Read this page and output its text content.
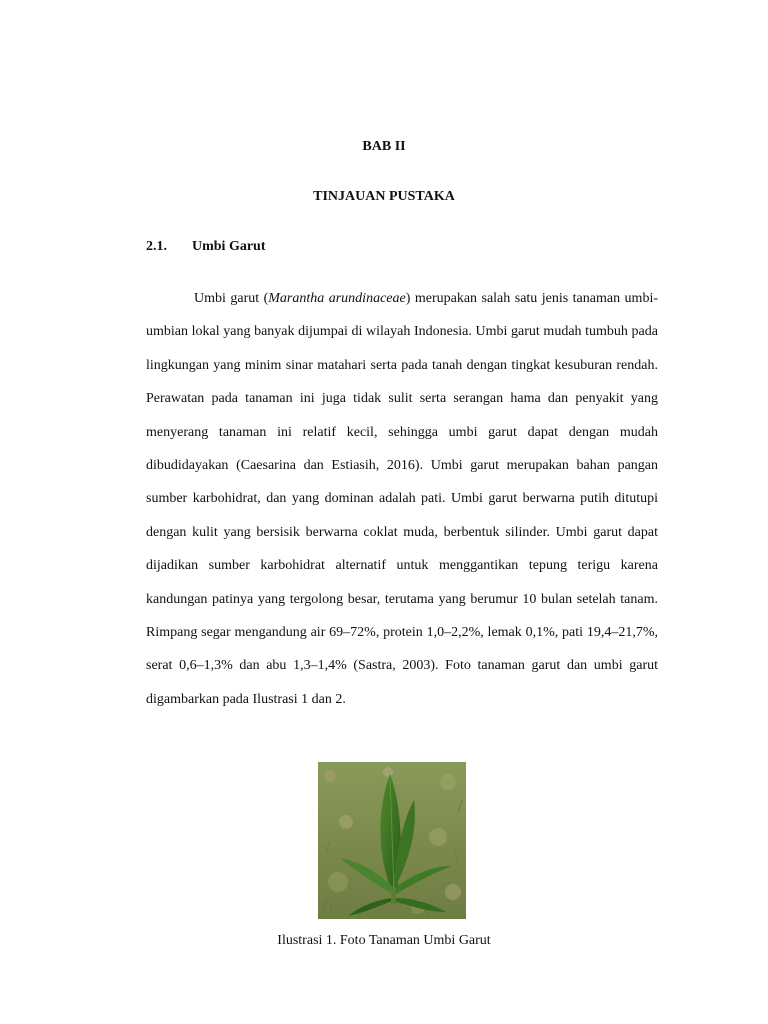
BAB II
TINJAUAN PUSTAKA
2.1. Umbi Garut

Umbi garut (Marantha arundinaceae) merupakan salah satu jenis tanaman umbi-umbian lokal yang banyak dijumpai di wilayah Indonesia. Umbi garut mudah tumbuh pada lingkungan yang minim sinar matahari serta pada tanah dengan tingkat kesuburan rendah. Perawatan pada tanaman ini juga tidak sulit serta serangan hama dan penyakit yang menyerang tanaman ini relatif kecil, sehingga umbi garut dapat dengan mudah dibudidayakan (Caesarina dan Estiasih, 2016). Umbi garut merupakan bahan pangan sumber karbohidrat, dan yang dominan adalah pati. Umbi garut berwarna putih ditutupi dengan kulit yang bersisik berwarna coklat muda, berbentuk silinder. Umbi garut dapat dijadikan sumber karbohidrat alternatif untuk menggantikan tepung terigu karena kandungan patinya yang tergolong besar, terutama yang berumur 10 bulan setelah tanam. Rimpang segar mengandung air 69–72%, protein 1,0–2,2%, lemak 0,1%, pati 19,4–21,7%, serat 0,6–1,3% dan abu 1,3–1,4% (Sastra, 2003). Foto tanaman garut dan umbi garut digambarkan pada Ilustrasi 1 dan 2.

Ilustrasi 1. Foto Tanaman Umbi Garut
